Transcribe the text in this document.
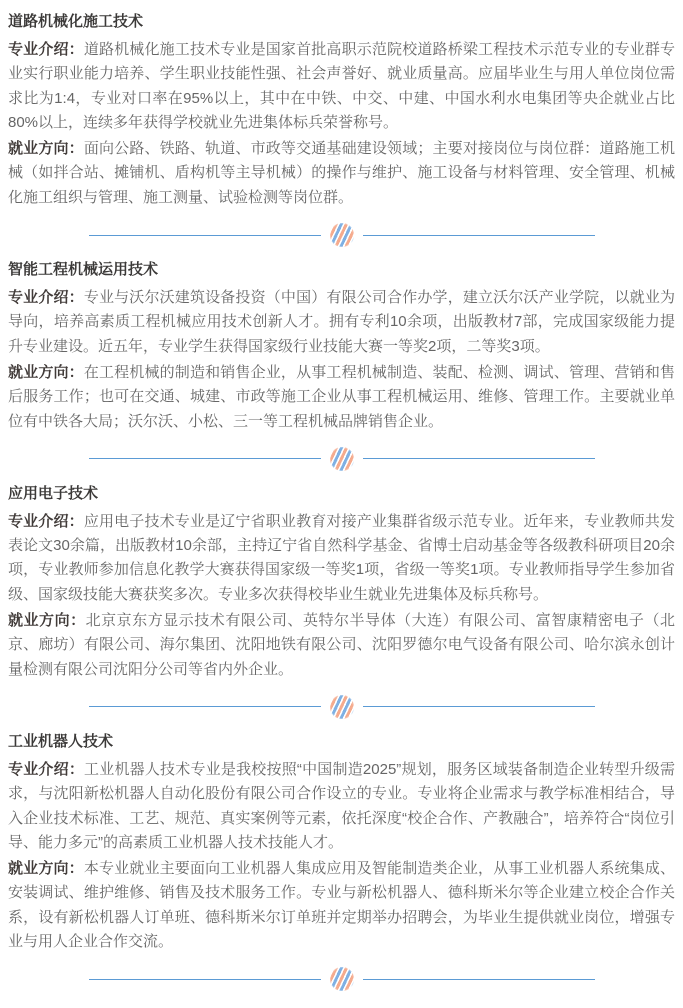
道路机械化施工技术

专业介绍：道路机械化施工技术专业是国家首批高职示范院校道路桥梁工程技术示范专业的专业群专业实行职业能力培养、学生职业技能性强、社会声誉好、就业质量高。应届毕业生与用人单位岗位需求比为1:4，专业对口率在95%以上，其中在中铁、中交、中建、中国水利水电集团等央企就业占比80%以上，连续多年获得学校就业先进集体标兵荣誉称号。

就业方向：面向公路、铁路、轨道、市政等交通基础建设领域；主要对接岗位与岗位群：道路施工机械（如拌合站、摊铺机、盾构机等主导机械）的操作与维护、施工设备与材料管理、安全管理、机械化施工组织与管理、施工测量、试验检测等岗位群。

智能工程机械运用技术

专业介绍：专业与沃尔沃建筑设备投资（中国）有限公司合作办学，建立沃尔沃产业学院，以就业为导向，培养高素质工程机械应用技术创新人才。拥有专利10余项，出版教材7部，完成国家级能力提升专业建设。近五年，专业学生获得国家级行业技能大赛一等奖2项，二等奖3项。

就业方向：在工程机械的制造和销售企业，从事工程机械制造、装配、检测、调试、管理、营销和售后服务工作；也可在交通、城建、市政等施工企业从事工程机械运用、维修、管理工作。主要就业单位有中铁各大局；沃尔沃、小松、三一等工程机械品牌销售企业。

应用电子技术

专业介绍：应用电子技术专业是辽宁省职业教育对接产业集群省级示范专业。近年来，专业教师共发表论文30余篇，出版教材10余部，主持辽宁省自然科学基金、省博士启动基金等各级教科研项目20余项，专业教师参加信息化教学大赛获得国家级一等奖1项，省级一等奖1项。专业教师指导学生参加省级、国家级技能大赛获奖多次。专业多次获得校毕业生就业先进集体及标兵称号。

就业方向：北京京东方显示技术有限公司、英特尔半导体（大连）有限公司、富智康精密电子（北京、廊坊）有限公司、海尔集团、沈阳地铁有限公司、沈阳罗德尔电气设备有限公司、哈尔滨永创计量检测有限公司沈阳分公司等省内外企业。

工业机器人技术

专业介绍：工业机器人技术专业是我校按照“中国制造2025”规划，服务区域装备制造企业转型升级需求，与沈阳新松机器人自动化股份有限公司合作设立的专业。专业将企业需求与教学标准相结合，导入企业技术标准、工艺、规范、真实案例等元素，依托深度“校企合作、产教融合”，培养符合“岗位引导、能力多元”的高素质工业机器人技术技能人才。

就业方向：本专业就业主要面向工业机器人集成应用及智能制造类企业，从事工业机器人系统集成、安装调试、维护维修、销售及技术服务工作。专业与新松机器人、德科斯米尔等企业建立校企合作关系，设有新松机器人订单班、德科斯米尔订单班并定期举办招聘会，为毕业生提供就业岗位，增强专业与用人企业合作交流。
